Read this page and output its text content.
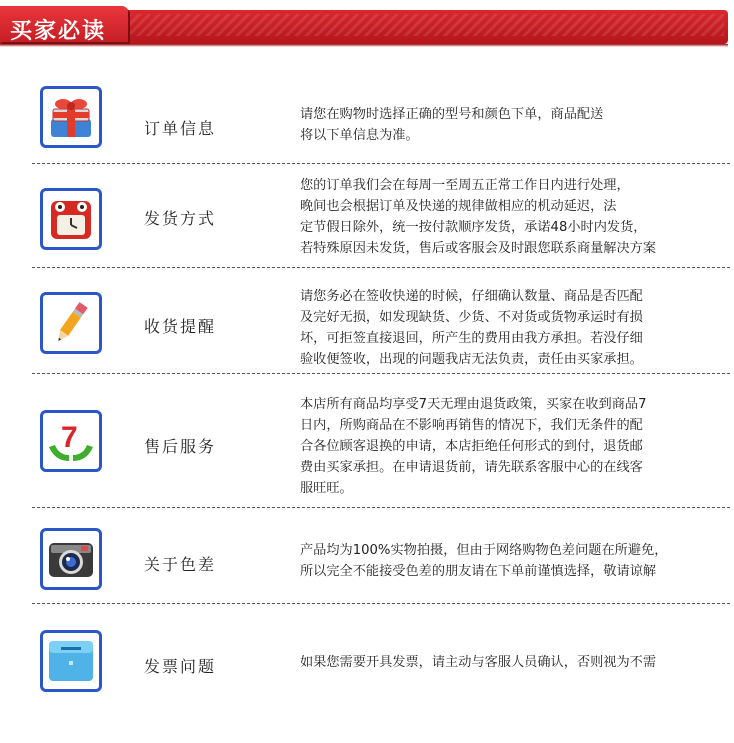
买家必读
订单信息
请您在购物时选择正确的型号和颜色下单，商品配送
将以下单信息为准。
发货方式
您的订单我们会在每周一至周五正常工作日内进行处理，
晚间也会根据订单及快递的规律做相应的机动延迟，法
定节假日除外，统一按付款顺序发货，承诺48小时内发货，
若特殊原因未发货，售后或客服会及时跟您联系商量解决方案
收货提醒
请您务必在签收快递的时候，仔细确认数量、商品是否匹配
及完好无损，如发现缺货、少货、不对货或货物承运时有损
坏，可拒签直接退回，所产生的费用由我方承担。若没仔细
验收便签收，出现的问题我店无法负责，责任由买家承担。
7	售后服务
本店所有商品均享受7天无理由退货政策，买家在收到商品7
日内，所购商品在不影响再销售的情况下，我们无条件的配
合各位顾客退换的申请，本店拒绝任何形式的到付，退货邮
费由买家承担。在申请退货前，请先联系客服中心的在线客
服旺旺。
关于色差
产品均为100%实物拍摄，但由于网络购物色差问题在所避免，
所以完全不能接受色差的朋友请在下单前谨慎选择，敬请谅解
发票问题	如果您需要开具发票，请主动与客服人员确认，否则视为不需
